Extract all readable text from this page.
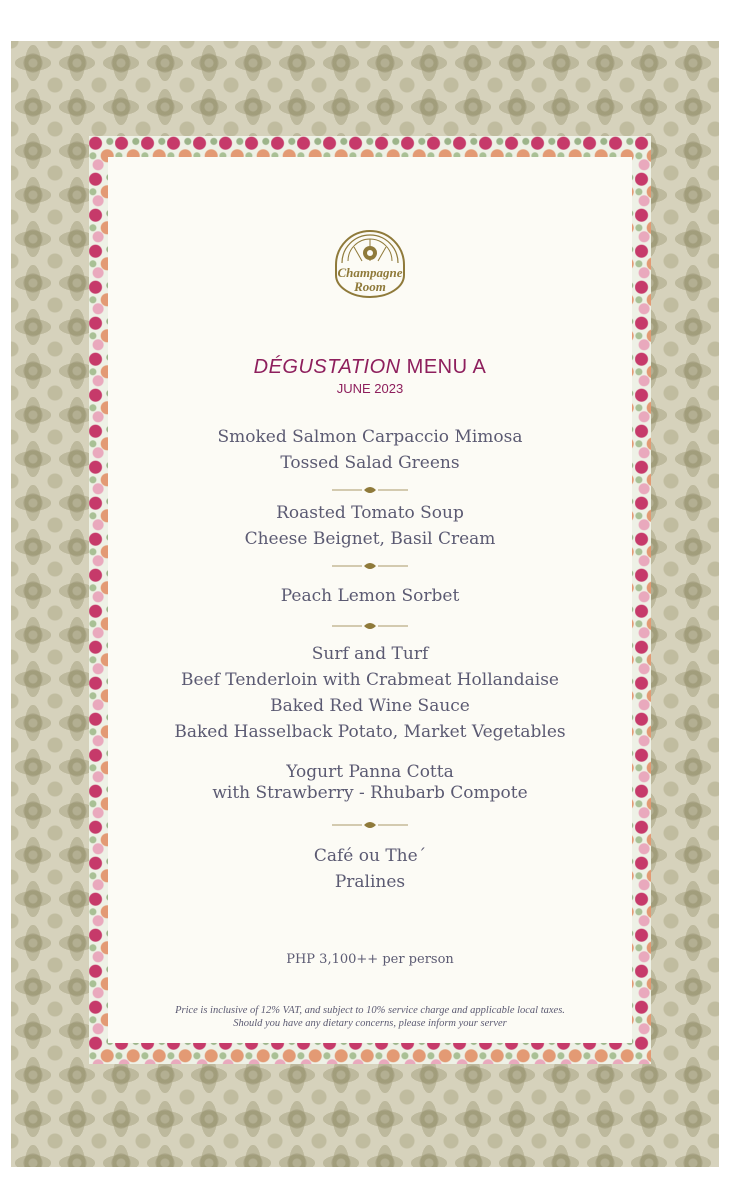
Champagne
Room
DÉGUSTATION MENU A
JUNE 2023
Smoked Salmon Carpaccio Mimosa
Tossed Salad Greens
Roasted Tomato Soup
Cheese Beignet, Basil Cream
Peach Lemon Sorbet
Surf and Turf
Beef Tenderloin with Crabmeat Hollandaise
Baked Red Wine Sauce
Baked Hasselback Potato, Market Vegetables
Yogurt Panna Cotta
with Strawberry - Rhubarb Compote
Café ou The´
Pralines
PHP 3,100++ per person
Price is inclusive of 12% VAT, and subject to 10% service charge and applicable local taxes.
Should you have any dietary concerns, please inform your server
